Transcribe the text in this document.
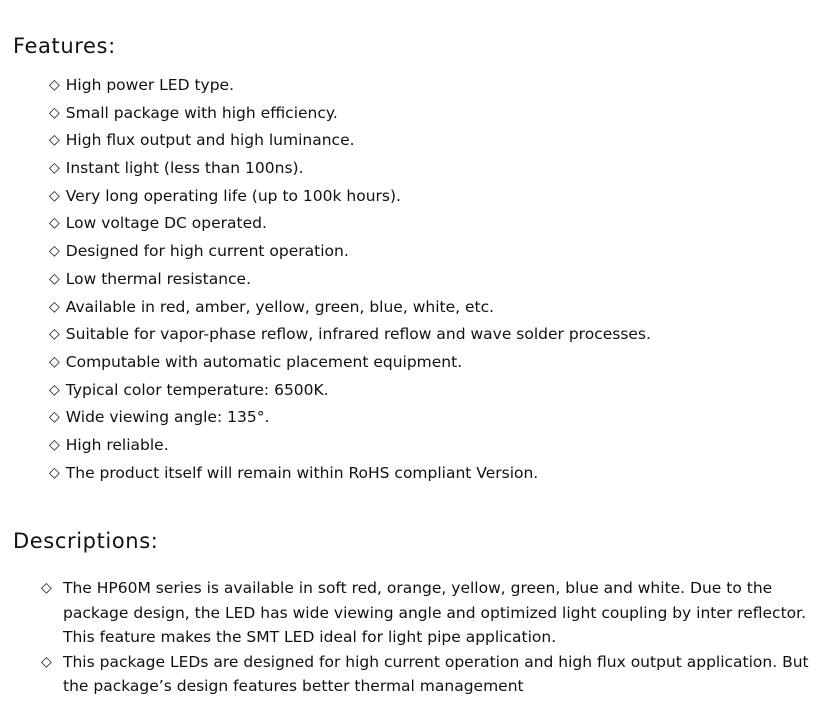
Features:
◇ High power LED type.
◇ Small package with high efficiency.
◇ High flux output and high luminance.
◇ Instant light (less than 100ns).
◇ Very long operating life (up to 100k hours).
◇ Low voltage DC operated.
◇ Designed for high current operation.
◇ Low thermal resistance.
◇ Available in red, amber, yellow, green, blue, white, etc.
◇ Suitable for vapor-phase reflow, infrared reflow and wave solder processes.
◇ Computable with automatic placement equipment.
◇ Typical color temperature: 6500K.
◇ Wide viewing angle: 135°.
◇ High reliable.
◇ The product itself will remain within RoHS compliant Version.
Descriptions:
◇ The HP60M series is available in soft red, orange, yellow, green, blue and white. Due to the package design, the LED has wide viewing angle and optimized light coupling by inter reflector. This feature makes the SMT LED ideal for light pipe application.
◇ This package LEDs are designed for high current operation and high flux output application. But the package’s design features better thermal management
